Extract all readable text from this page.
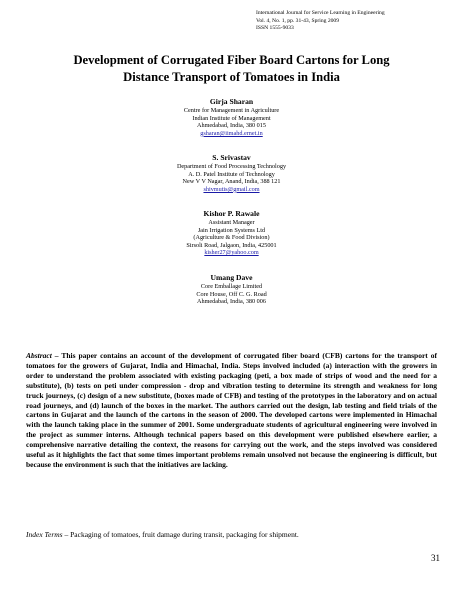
International Journal for Service Learning in Engineering
Vol. 4, No. 1, pp. 31-43, Spring 2009
ISSN 1555-9033
Development of Corrugated Fiber Board Cartons for Long
Distance Transport of Tomatoes in India
Girja Sharan
Centre for Management in Agriculture
Indian Institute of Management
Ahmedabad, India, 380 015
gsharan@iimahd.ernet.in
S. Srivastav
Department of Food Processing Technology
A. D. Patel Institute of Technology
New V V Nagar, Anand, India, 388 121
shivmutis@gmail.com
Kishor P. Rawale
Assistant Manager
Jain Irrigation Systems Ltd
(Agriculture & Food Division)
Sirsoli Road, Jalgaon, India, 425001
kisher27@yahoo.com
Umang Dave
Core Emballage Limited
Core House, Off C. G. Road
Ahmedabad, India, 380 006
Abstract – This paper contains an account of the development of corrugated fiber board (CFB) cartons for the transport of tomatoes for the growers of Gujarat, India and Himachal, India. Steps involved included (a) interaction with the growers in order to understand the problem associated with existing packaging (peti, a box made of strips of wood and the need for a substitute), (b) tests on peti under compression - drop and vibration testing to determine its strength and weakness for long truck journeys, (c) design of a new substitute, (boxes made of CFB) and testing of the prototypes in the laboratory and on actual road journeys, and (d) launch of the boxes in the market. The authors carried out the design, lab testing and field trials of the cartons in Gujarat and the launch of the cartons in the season of 2000. The developed cartons were implemented in Himachal with the launch taking place in the summer of 2001. Some undergraduate students of agricultural engineering were involved in the project as summer interns. Although technical papers based on this development were published elsewhere earlier, a comprehensive narrative detailing the context, the reasons for carrying out the work, and the steps involved was considered useful as it highlights the fact that some times important problems remain unsolved not because the engineering is difficult, but because the environment is such that the initiatives are lacking.
Index Terms – Packaging of tomatoes, fruit damage during transit, packaging for shipment.
31
